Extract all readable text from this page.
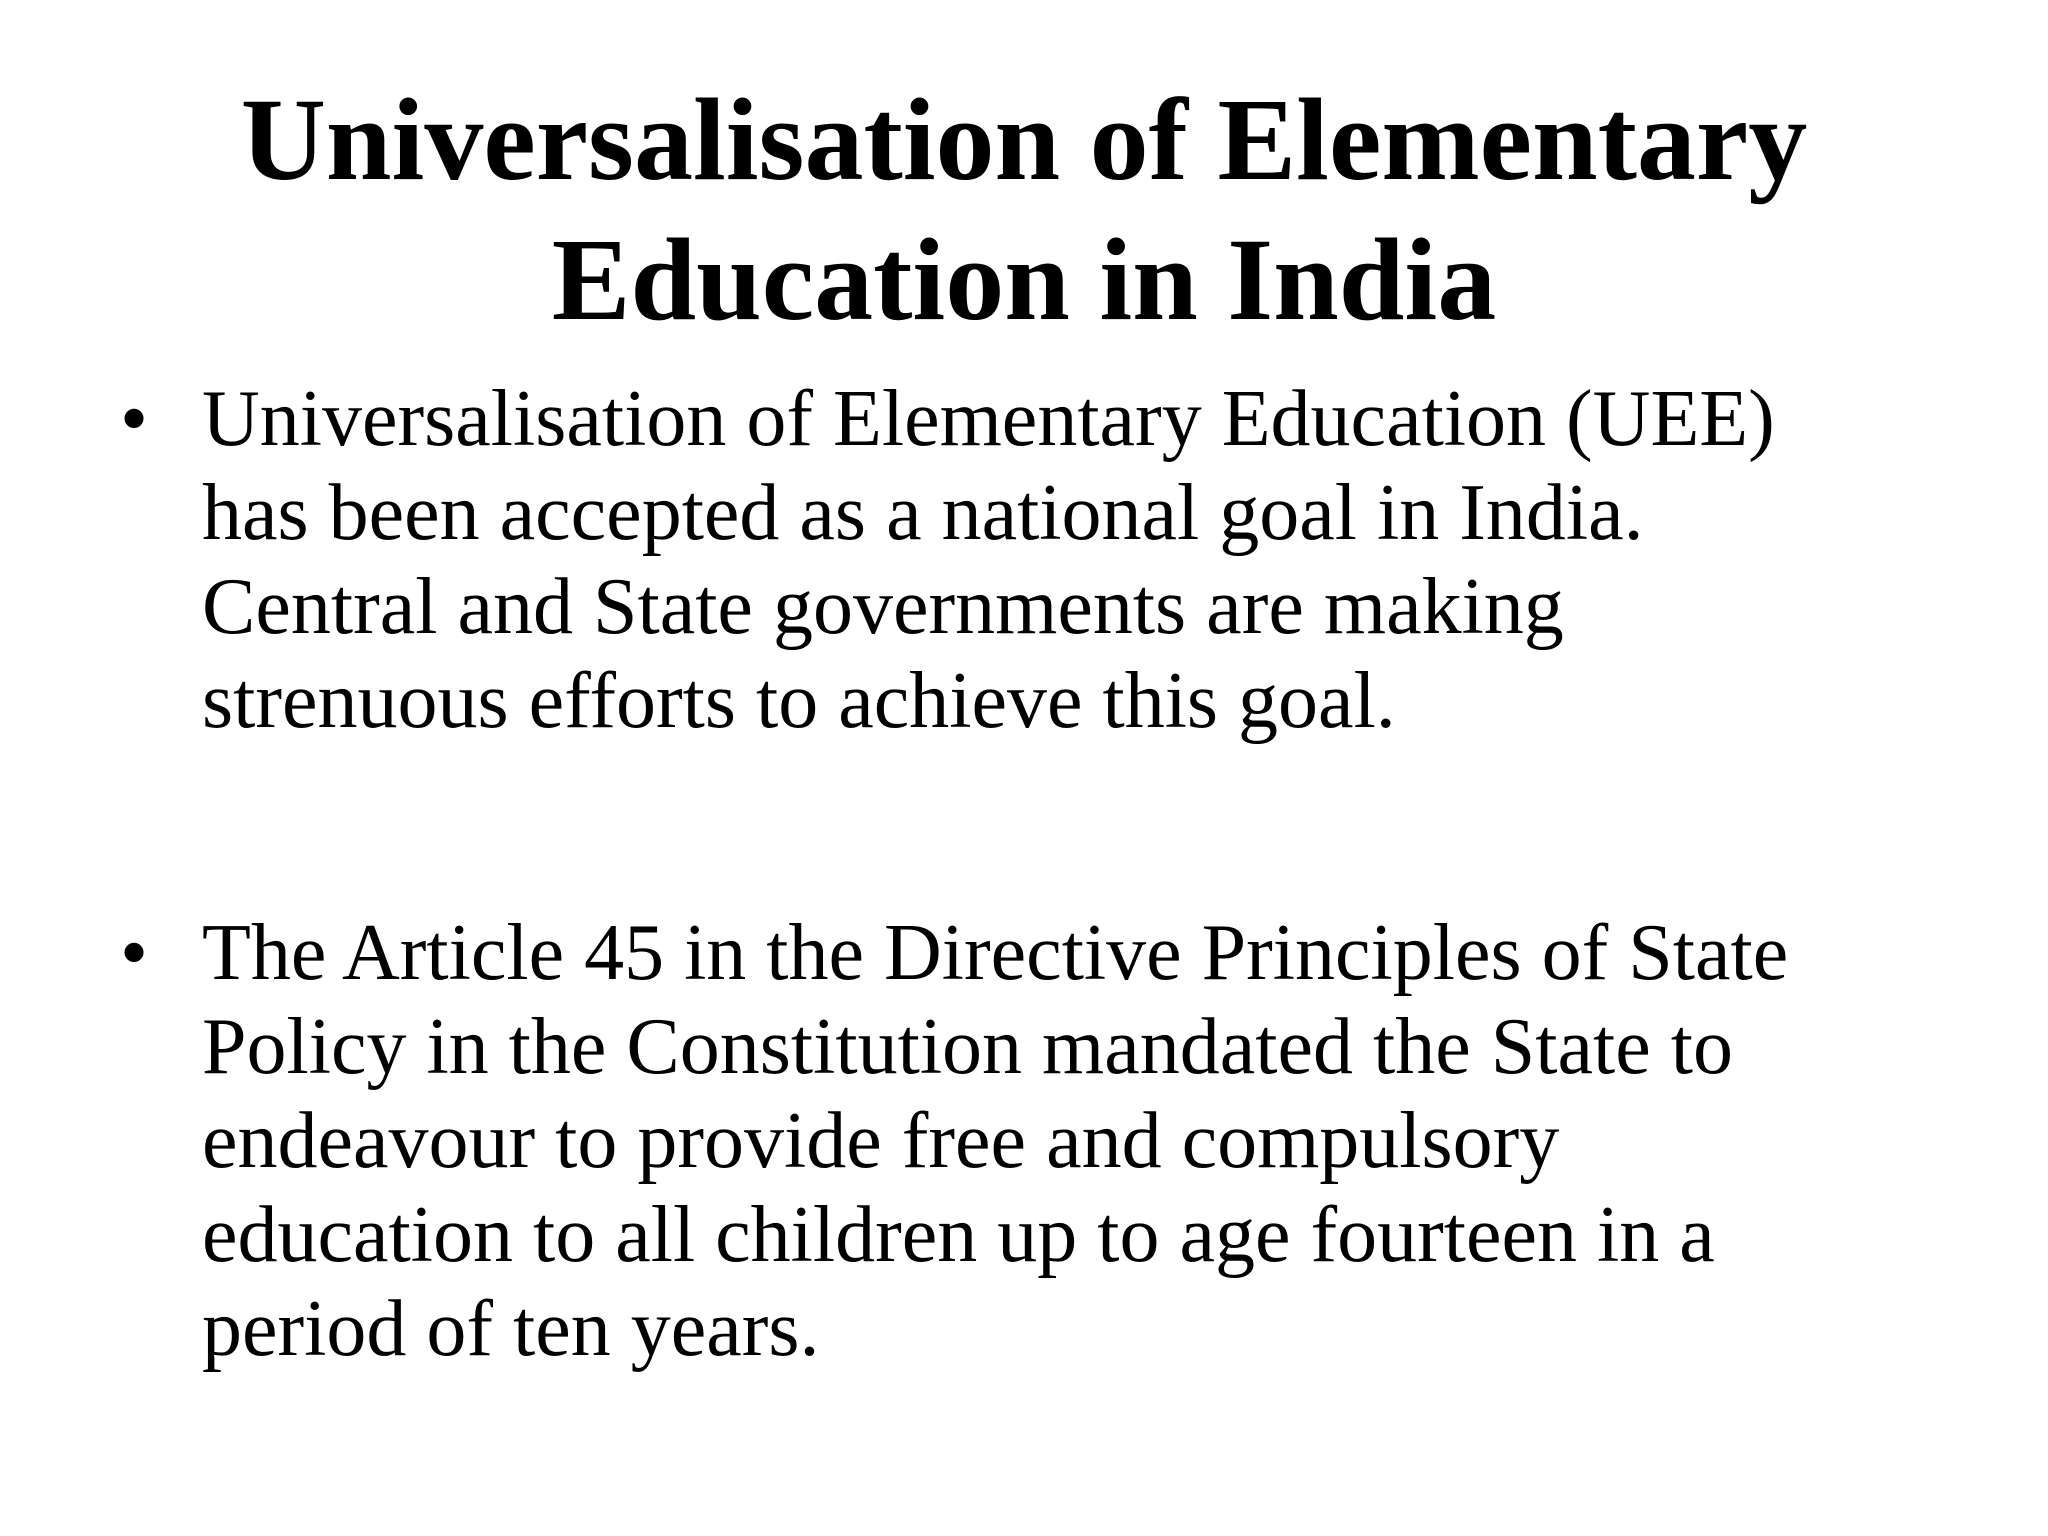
Universalisation of Elementary
Education in India
• Universalisation of Elementary Education (UEE)
has been accepted as a national goal in India.
Central and State governments are making
strenuous efforts to achieve this goal.
• The Article 45 in the Directive Principles of State
Policy in the Constitution mandated the State to
endeavour to provide free and compulsory
education to all children up to age fourteen in a
period of ten years.
